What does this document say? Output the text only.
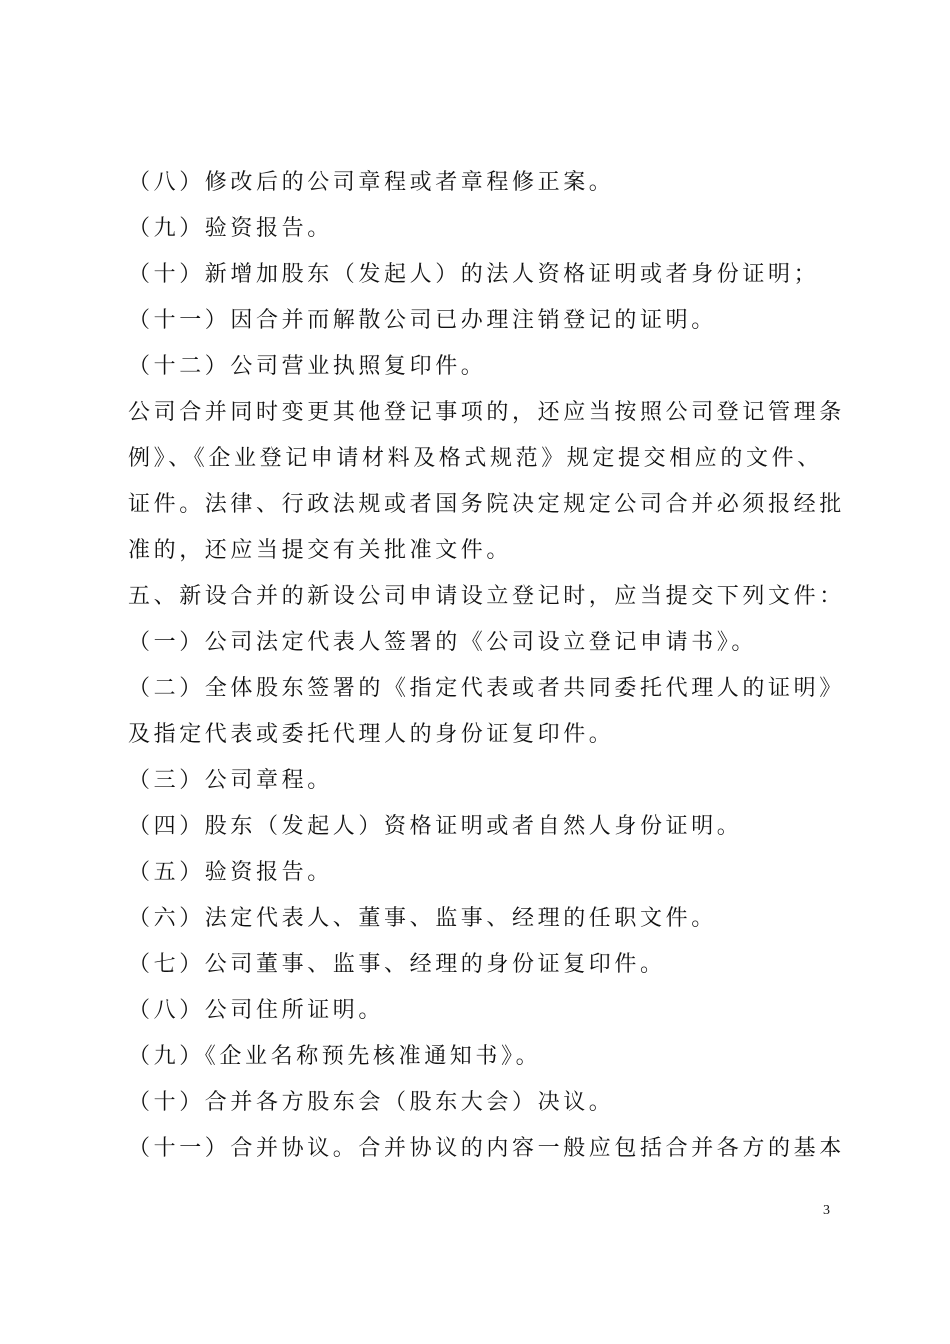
（八）修改后的公司章程或者章程修正案。
（九）验资报告。
（十）新增加股东（发起人）的法人资格证明或者身份证明；
（十一）因合并而解散公司已办理注销登记的证明。
（十二）公司营业执照复印件。
公司合并同时变更其他登记事项的，还应当按照公司登记管理条
例》、《企业登记申请材料及格式规范》规定提交相应的文件、
证件。法律、行政法规或者国务院决定规定公司合并必须报经批
准的，还应当提交有关批准文件。
五、新设合并的新设公司申请设立登记时，应当提交下列文件：
（一）公司法定代表人签署的《公司设立登记申请书》。
（二）全体股东签署的《指定代表或者共同委托代理人的证明》
及指定代表或委托代理人的身份证复印件。
（三）公司章程。
（四）股东（发起人）资格证明或者自然人身份证明。
（五）验资报告。
（六）法定代表人、董事、监事、经理的任职文件。
（七）公司董事、监事、经理的身份证复印件。
（八）公司住所证明。
（九）《企业名称预先核准通知书》。
（十）合并各方股东会（股东大会）决议。
（十一）合并协议。合并协议的内容一般应包括合并各方的基本
3
